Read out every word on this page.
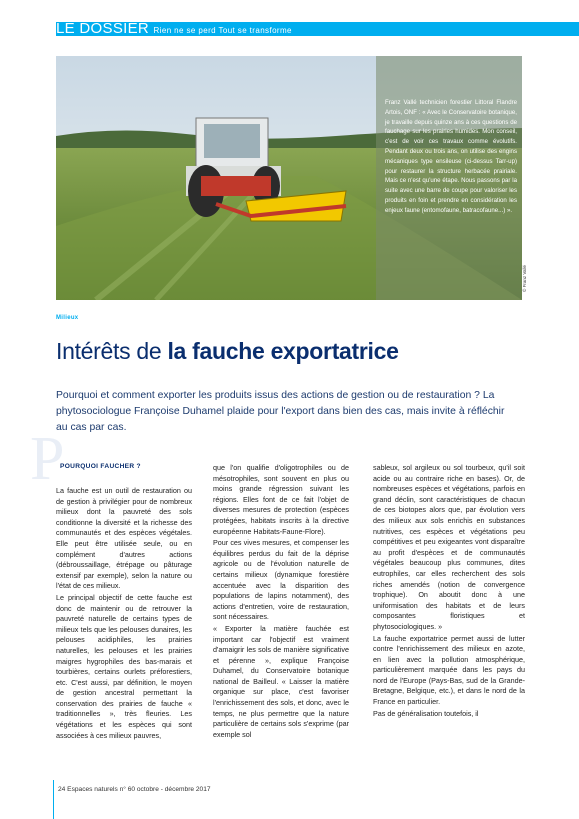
LE DOSSIER Rien ne se perd Tout se transforme
Franz Vallé technicien forestier Littoral Flandre Artois, ONF : « Avec le Conservatoire botanique, je travaille depuis quinze ans à ces questions de fauchage sur les prairies humides. Mon conseil, c'est de voir ces travaux comme évolutifs. Pendant deux ou trois ans, on utilise des engins mécaniques type ensileuse (ci-dessus Tarr-up) pour restaurer la structure herbacée prairiale. Mais ce n'est qu'une étape. Nous passons par la suite avec une barre de coupe pour valoriser les produits en foin et prendre en considération les enjeux faune (entomofaune, batracofaune...) ».
© Franz Vallé
Milieux
Intérêts de la fauche exportatrice
Pourquoi et comment exporter les produits issus des actions de gestion ou de restauration ? La phytosociologue Françoise Duhamel plaide pour l'export dans bien des cas, mais invite à réfléchir au cas par cas.
P
POURQUOI FAUCHER ?

La fauche est un outil de restauration ou de gestion à privilégier pour de nombreux milieux dont la pauvreté des sols conditionne la diversité et la richesse des communautés et des espèces végétales. Elle peut être utilisée seule, ou en complément d'autres actions (débroussaillage, étrépage ou pâturage extensif par exemple), selon la nature ou l'état de ces milieux.

Le principal objectif de cette fauche est donc de maintenir ou de retrouver la pauvreté naturelle de certains types de milieux tels que les pelouses dunaires, les pelouses acidiphiles, les prairies naturelles, les pelouses et les prairies maigres hygrophiles des bas-marais et tourbières, certains ourlets préforestiers, etc. C'est aussi, par définition, le moyen de gestion ancestral permettant la conservation des prairies de fauche « traditionnelles », très fleuries. Les végétations et les espèces qui sont associées à ces milieux pauvres,

que l'on qualifie d'oligotrophiles ou de mésotrophiles, sont souvent en plus ou moins grande régression suivant les régions. Elles font de ce fait l'objet de diverses mesures de protection (espèces protégées, habitats inscrits à la directive européenne Habitats-Faune-Flore).

Pour ces vives mesures, et compenser les équilibres perdus du fait de la déprise agricole ou de l'évolution naturelle de certains milieux (dynamique forestière accentuée avec la disparition des populations de lapins notamment), des actions d'entretien, voire de restauration, sont nécessaires.

« Exporter la matière fauchée est important car l'objectif est vraiment d'amaigrir les sols de manière significative et pérenne », explique Françoise Duhamel, du Conservatoire botanique national de Bailleul. « Laisser la matière organique sur place, c'est favoriser l'enrichissement des sols, et donc, avec le temps, ne plus permettre que la nature particulière de certains sols s'exprime (par exemple sol

sableux, sol argileux ou sol tourbeux, qu'il soit acide ou au contraire riche en bases). Or, de nombreuses espèces et végétations, parfois en grand déclin, sont caractéristiques de chacun de ces biotopes alors que, par évolution vers des milieux aux sols enrichis en substances nutritives, ces espèces et végétations peu compétitives et peu exigeantes vont disparaître au profit d'espèces et de communautés végétales beaucoup plus communes, dites eutrophiles, car elles recherchent des sols riches amendés (notion de convergence trophique). On aboutit donc à une uniformisation des habitats et de leurs composantes floristiques et phytosociologiques. »

La fauche exportatrice permet aussi de lutter contre l'enrichissement des milieux en azote, en lien avec la pollution atmosphérique, particulièrement marquée dans les pays du nord de l'Europe (Pays-Bas, sud de la Grande-Bretagne, Belgique, etc.), et dans le nord de la France en particulier.

Pas de généralisation toutefois, il

24 Espaces naturels n° 60 octobre - décembre 2017
